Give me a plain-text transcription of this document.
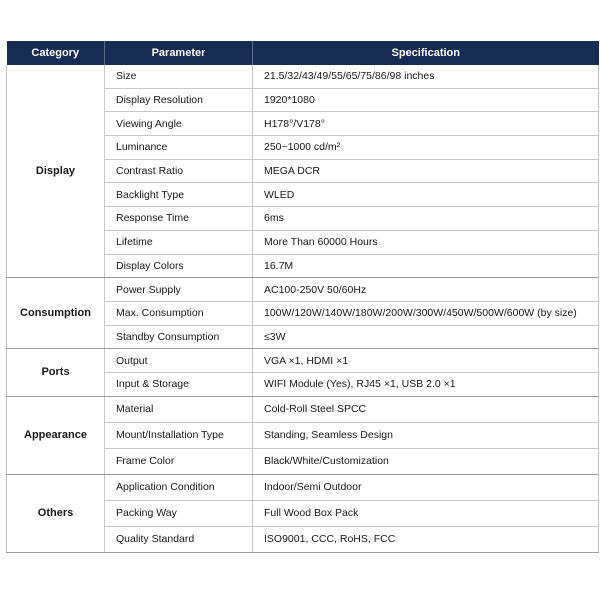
Category	Parameter	Specification
Display	Size	21.5/32/43/49/55/65/75/86/98 inches
	Display Resolution	1920*1080
	Viewing Angle	H178°/V178°
	Luminance	250~1000 cd/m²
	Contrast Ratio	MEGA DCR
	Backlight Type	WLED
	Response Time	6ms
	Lifetime	More Than 60000 Hours
	Display Colors	16.7M
Consumption	Power Supply	AC100-250V 50/60Hz
	Max. Consumption	100W/120W/140W/180W/200W/300W/450W/500W/600W (by size)
	Standby Consumption	≤3W
Ports	Output	VGA ×1, HDMI ×1
	Input & Storage	WIFI Module (Yes), RJ45 ×1, USB 2.0 ×1
Appearance	Material	Cold-Roll Steel SPCC
	Mount/Installation Type	Standing, Seamless Design
	Frame Color	Black/White/Customization
Others	Application Condition	Indoor/Semi Outdoor
	Packing Way	Full Wood Box Pack
	Quality Standard	ISO9001, CCC, RoHS, FCC
